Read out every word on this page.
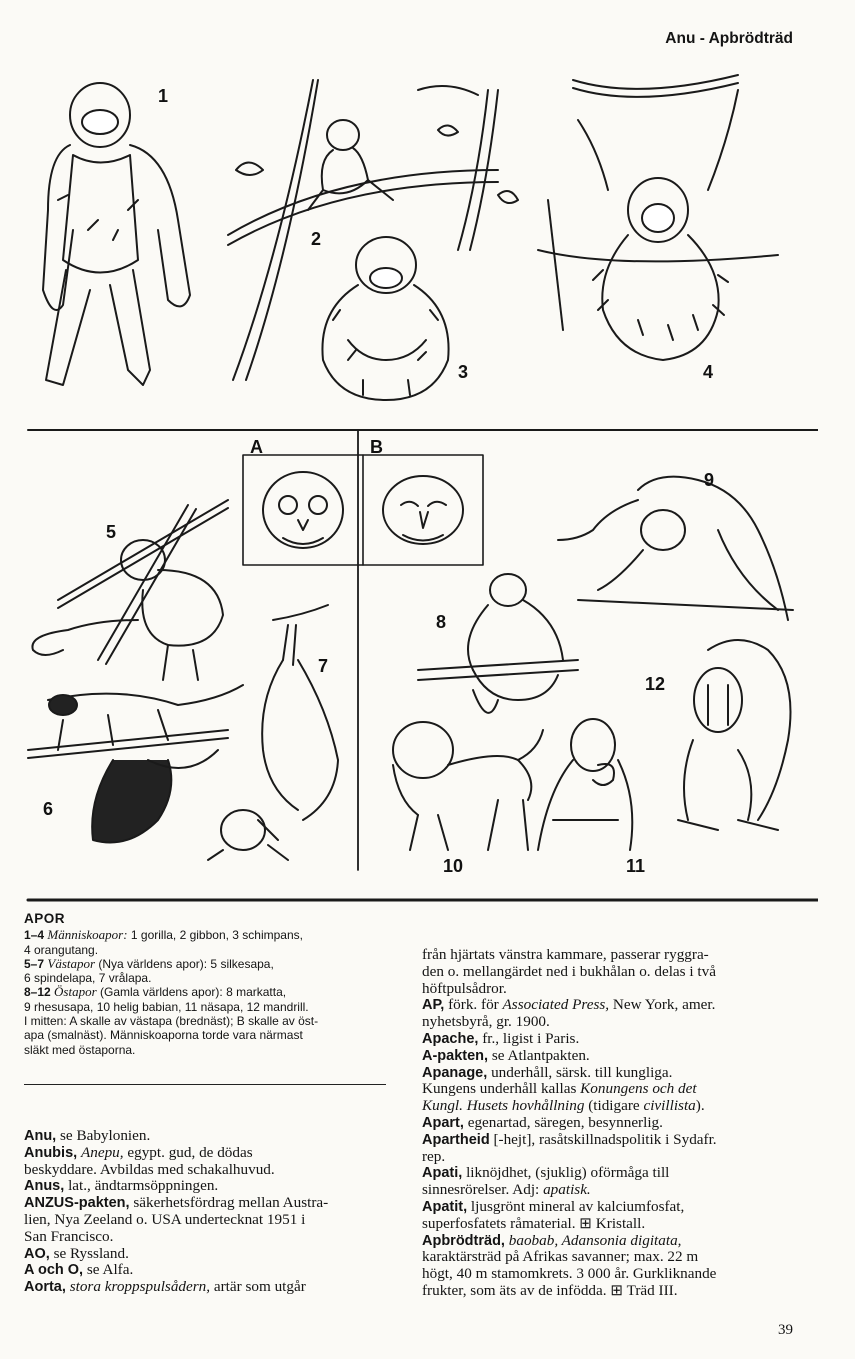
Anu - Apbrödträd
1
2
3	4
5
6
7
8
9
10	11
12
A	B
APOR

1–4 Människoapor: 1 gorilla, 2 gibbon, 3 schimpans,

4 orangutang.

5–7 Västapor (Nya världens apor): 5 silkesapa,

6 spindelapa, 7 vrålapa.

8–12 Östapor (Gamla världens apor): 8 markatta,

9 rhesusapa, 10 helig babian, 11 näsapa, 12 mandrill.

I mitten: A skalle av västapa (brednäst); B skalle av öst-

apa (smalnäst). Människoaporna torde vara närmast

släkt med östaporna.

Anu, se Babylonien.

Anubis, Anepu, egypt. gud, de dödas

beskyddare. Avbildas med schakalhuvud.

Anus, lat., ändtarmsöppningen.

ANZUS-pakten, säkerhetsfördrag mellan Austra-

lien, Nya Zeeland o. USA undertecknat 1951 i

San Francisco.

AO, se Ryssland.

A och O, se Alfa.

Aorta, stora kroppspulsådern, artär som utgår

från hjärtats vänstra kammare, passerar ryggra-

den o. mellangärdet ned i bukhålan o. delas i två

höftpulsådror.

AP, förk. för Associated Press, New York, amer.

nyhetsbyrå, gr. 1900.

Apache, fr., ligist i Paris.

A-pakten, se Atlantpakten.

Apanage, underhåll, särsk. till kungliga.

Kungens underhåll kallas Konungens och det

Kungl. Husets hovhållning (tidigare civillista).

Apart, egenartad, säregen, besynnerlig.

Apartheid [-hejt], rasåtskillnadspolitik i Sydafr.

rep.

Apati, liknöjdhet, (sjuklig) oförmåga till

sinnesrörelser. Adj: apatisk.

Apatit, ljusgrönt mineral av kalciumfosfat,

superfosfatets råmaterial. ⊞ Kristall.

Apbrödträd, baobab, Adansonia digitata,

karaktärsträd på Afrikas savanner; max. 22 m

högt, 40 m stamomkrets. 3 000 år. Gurkliknande

frukter, som äts av de infödda. ⊞ Träd III.

39
